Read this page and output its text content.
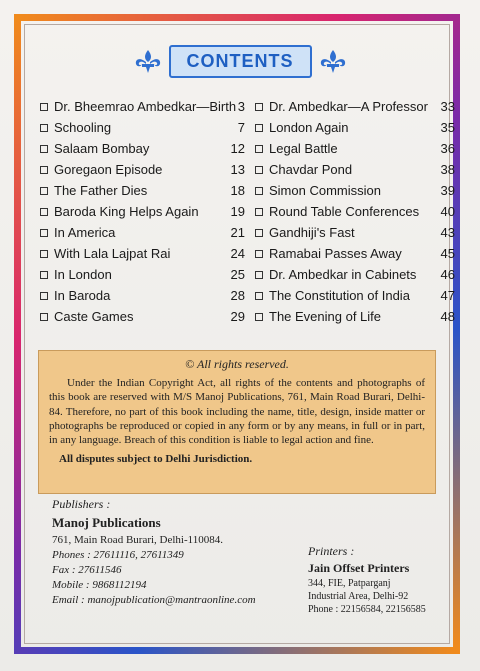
CONTENTS
Dr. Bheemrao Ambedkar—Birth 3 Dr. Ambedkar—A Professor 33
Schooling	7 London Again	35
Salaam Bombay	12 Legal Battle	36
Goregaon Episode	13 Chavdar Pond	38
The Father Dies	18 Simon Commission	39
Baroda King Helps Again 19 Round Table Conferences 40
In America	21 Gandhiji's Fast	43
With Lala Lajpat Rai	24 Ramabai Passes Away	45
In London	25 Dr. Ambedkar in Cabinets 46
In Baroda	28 The Constitution of India 47
Caste Games	29 The Evening of Life	48
© All rights reserved.
Under the Indian Copyright Act, all rights of the contents and photographs of this book are reserved with M/S Manoj Publications, 761, Main Road Burari, Delhi-84. Therefore, no part of this book including the name, title, design, inside matter or photographs be reproduced or copied in any form or by any means, in full or in part, in any language. Breach of this condition is liable to legal action and fine.
All disputes subject to Delhi Jurisdiction.
Publishers :
Manoj Publications
761, Main Road Burari, Delhi-110084.
Phones : 27611116, 27611349
Fax : 27611546
Mobile : 9868112194
Email : manojpublication@mantraonline.com
Printers :
Jain Offset Printers
344, FIE, Patparganj
Industrial Area, Delhi-92
Phone : 22156584, 22156585
